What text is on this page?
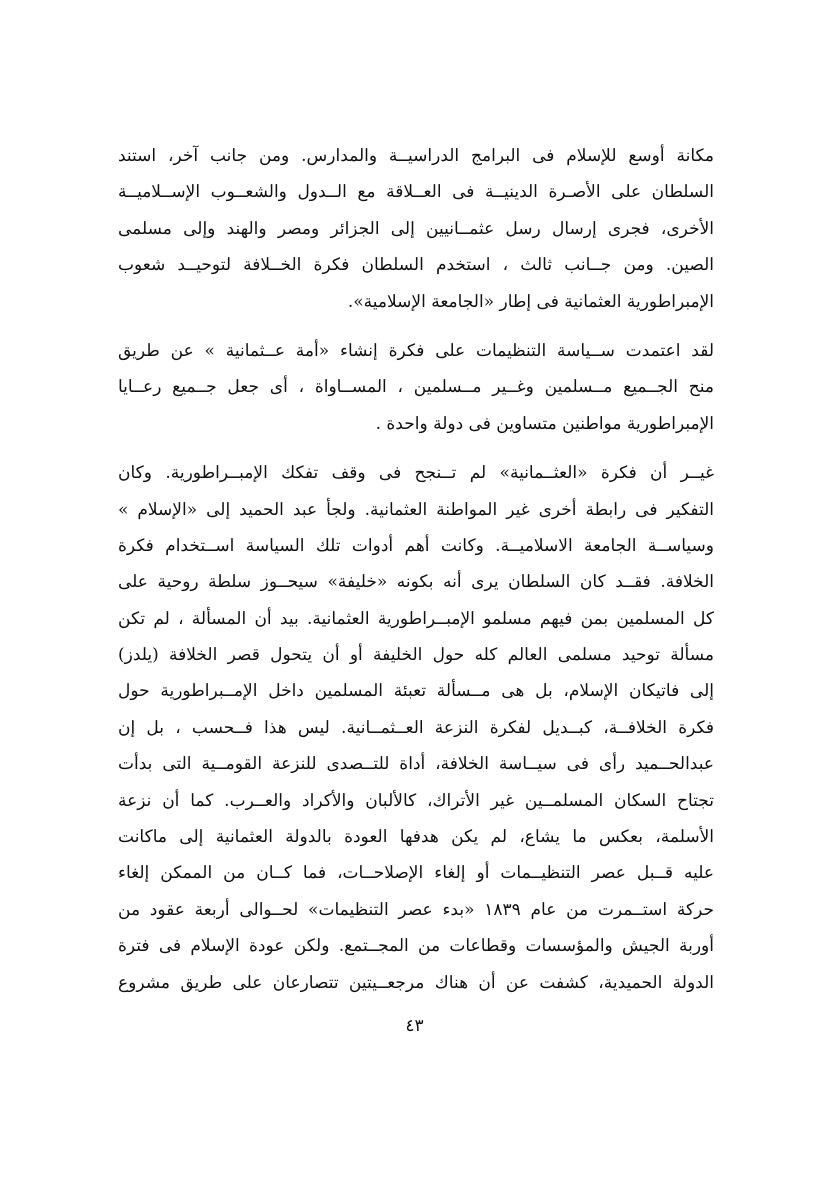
مكانة أوسع للإسلام فى البرامج الدراسيــة والمدارس. ومن جانب آخر، استند
السلطان على الأصـرة الدينيــة فى العــلاقة مع الــدول والشعــوب الإســلاميــة
الأخرى، فجرى إرسال رسل عثمــانيين إلى الجزائر ومصر والهند وإلى مسلمى
الصين. ومن جــانب ثالث ، استخدم السلطان فكرة الخــلافة لتوحيــد شعوب
الإمبراطورية العثمانية فى إطار «الجامعة الإسلامية».
لقد اعتمدت ســياسة التنظيمات على فكرة إنشاء «أمة عــثمانية » عن طريق
منح الجــميع مــسلمين وغــير مــسلمين ، المســاواة ، أى جعل جــميع رعــايا
الإمبراطورية مواطنين متساوين فى دولة واحدة .
غيــر أن فكرة «العثــمانية» لم تــنجح فى وقف تفكك الإمبــراطورية. وكان
التفكير فى رابطة أخرى غير المواطنة العثمانية. ولجأ عبد الحميد إلى «الإسلام »
وسياســة الجامعة الاسلاميــة. وكانت أهم أدوات تلك السياسة اســتخدام فكرة
الخلافة. فقــد كان السلطان يرى أنه بكونه «خليفة» سيحــوز سلطة روحية على
كل المسلمين بمن فيهم مسلمو الإمبــراطورية العثمانية. بيد أن المسألة ، لم تكن
مسألة توحيد مسلمى العالم كله حول الخليفة أو أن يتحول قصر الخلافة (يلدز)
إلى فاتيكان الإسلام، بل هى مــسألة تعبئة المسلمين داخل الإمــبراطورية حول
فكرة الخلافــة، كبــديل لفكرة النزعة العــثمــانية. ليس هذا فــحسب ، بل إن
عبدالحــميد رأى فى سيــاسة الخلافة، أداة للتــصدى للنزعة القومــية التى بدأت
تجتاح السكان المسلمــين غير الأتراك، كالألبان والأكراد والعــرب. كما أن نزعة
الأسلمة، بعكس ما يشاع، لم يكن هدفها العودة بالدولة العثمانية إلى ماكانت
عليه قــبل عصر التنظيــمات أو إلغاء الإصلاحــات، فما كــان من الممكن إلغاء
حركة استــمرت من عام ١٨٣٩ «بدء عصر التنظيمات» لحــوالى أربعة عقود من
أوربة الجيش والمؤسسات وقطاعات من المجــتمع. ولكن عودة الإسلام فى فترة
الدولة الحميدية، كشفت عن أن هناك مرجعــيتين تتصارعان على طريق مشروع
٤٣
